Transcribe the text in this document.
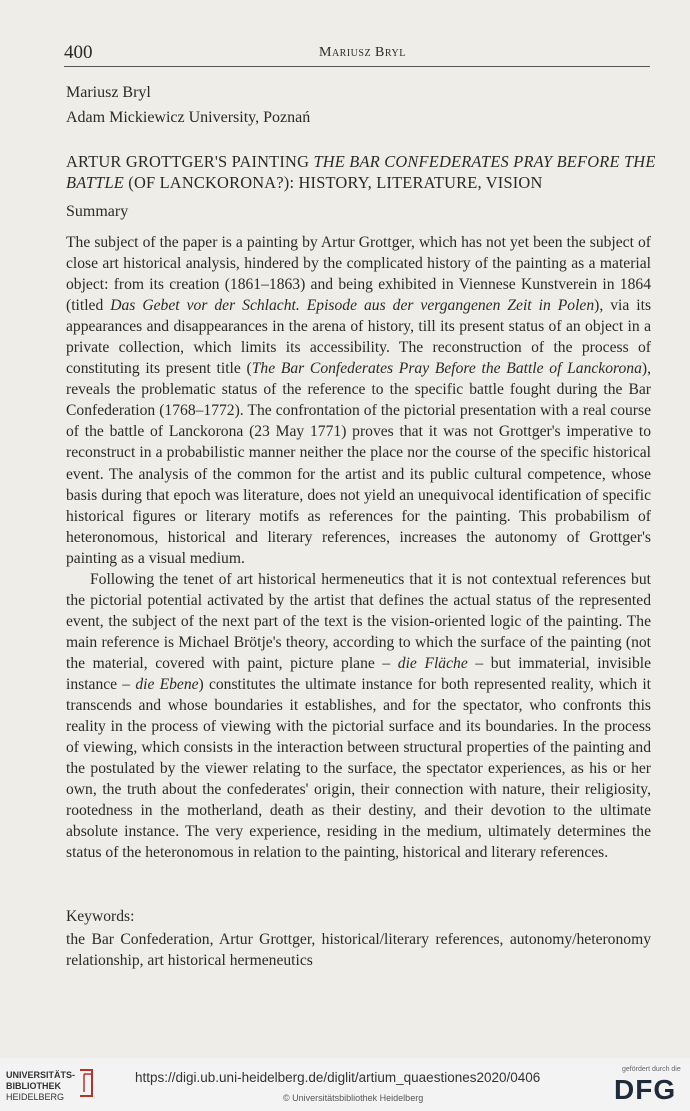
400	Mariusz Bryl
Mariusz Bryl
Adam Mickiewicz University, Poznań
ARTUR GROTTGER'S PAINTING THE BAR CONFEDERATES PRAY BEFORE THE BATTLE (OF LANCKORONA?): HISTORY, LITERATURE, VISION
Summary

The subject of the paper is a painting by Artur Grottger, which has not yet been the subject of close art historical analysis, hindered by the complicated history of the painting as a material object: from its creation (1861–1863) and being exhibited in Viennese Kunstverein in 1864 (titled Das Gebet vor der Schlacht. Episode aus der vergangenen Zeit in Polen), via its appearances and disappearances in the arena of history, till its present status of an object in a private collection, which limits its accessibility. The reconstruction of the process of constituting its present title (The Bar Confederates Pray Before the Battle of Lanckorona), reveals the problematic status of the reference to the specific battle fought during the Bar Confederation (1768–1772). The confrontation of the pictorial presentation with a real course of the battle of Lanckorona (23 May 1771) proves that it was not Grottger's imperative to reconstruct in a probabilistic manner neither the place nor the course of the specific historical event. The analysis of the common for the artist and its public cultural competence, whose basis during that epoch was literature, does not yield an unequivocal identification of specific historical figures or literary motifs as references for the painting. This probabilism of heteronomous, historical and literary references, increases the autonomy of Grottger's painting as a visual medium.

Following the tenet of art historical hermeneutics that it is not contextual references but the pictorial potential activated by the artist that defines the actual status of the represented event, the subject of the next part of the text is the vision-oriented logic of the painting. The main reference is Michael Brötje's theory, according to which the surface of the painting (not the material, covered with paint, picture plane – die Fläche – but immaterial, invisible instance – die Ebene) constitutes the ultimate instance for both represented reality, which it transcends and whose boundaries it establishes, and for the spectator, who confronts this reality in the process of viewing with the pictorial surface and its boundaries. In the process of viewing, which consists in the interaction between structural properties of the painting and the postulated by the viewer relating to the surface, the spectator experiences, as his or her own, the truth about the confederates' origin, their connection with nature, their religiosity, rootedness in the motherland, death as their destiny, and their devotion to the ultimate absolute instance. The very experience, residing in the medium, ultimately determines the status of the heteronomous in relation to the painting, historical and literary references.

Keywords:
the Bar Confederation, Artur Grottger, historical/literary references, autonomy/heteronomy relationship, art historical hermeneutics
UNIVERSITÄTS-
BIBLIOTHEK
HEIDELBERG
https://digi.ub.uni-heidelberg.de/diglit/artium_quaestiones2020/0406
© Universitätsbibliothek Heidelberg
gefördert durch die
DFG
